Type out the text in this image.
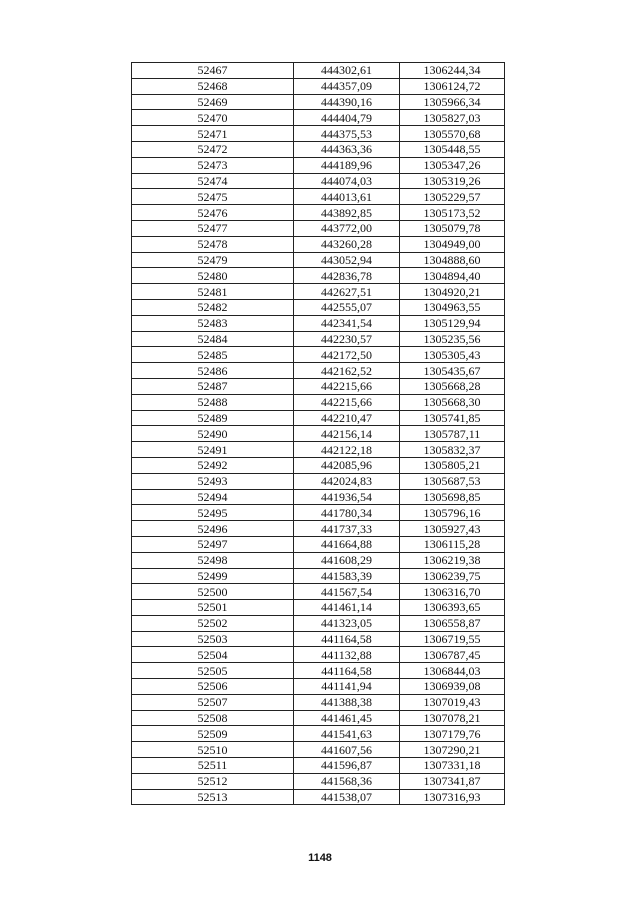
52467	444302,61	1306244,34
52468	444357,09	1306124,72
52469	444390,16	1305966,34
52470	444404,79	1305827,03
52471	444375,53	1305570,68
52472	444363,36	1305448,55
52473	444189,96	1305347,26
52474	444074,03	1305319,26
52475	444013,61	1305229,57
52476	443892,85	1305173,52
52477	443772,00	1305079,78
52478	443260,28	1304949,00
52479	443052,94	1304888,60
52480	442836,78	1304894,40
52481	442627,51	1304920,21
52482	442555,07	1304963,55
52483	442341,54	1305129,94
52484	442230,57	1305235,56
52485	442172,50	1305305,43
52486	442162,52	1305435,67
52487	442215,66	1305668,28
52488	442215,66	1305668,30
52489	442210,47	1305741,85
52490	442156,14	1305787,11
52491	442122,18	1305832,37
52492	442085,96	1305805,21
52493	442024,83	1305687,53
52494	441936,54	1305698,85
52495	441780,34	1305796,16
52496	441737,33	1305927,43
52497	441664,88	1306115,28
52498	441608,29	1306219,38
52499	441583,39	1306239,75
52500	441567,54	1306316,70
52501	441461,14	1306393,65
52502	441323,05	1306558,87
52503	441164,58	1306719,55
52504	441132,88	1306787,45
52505	441164,58	1306844,03
52506	441141,94	1306939,08
52507	441388,38	1307019,43
52508	441461,45	1307078,21
52509	441541,63	1307179,76
52510	441607,56	1307290,21
52511	441596,87	1307331,18
52512	441568,36	1307341,87
52513	441538,07	1307316,93
1148
